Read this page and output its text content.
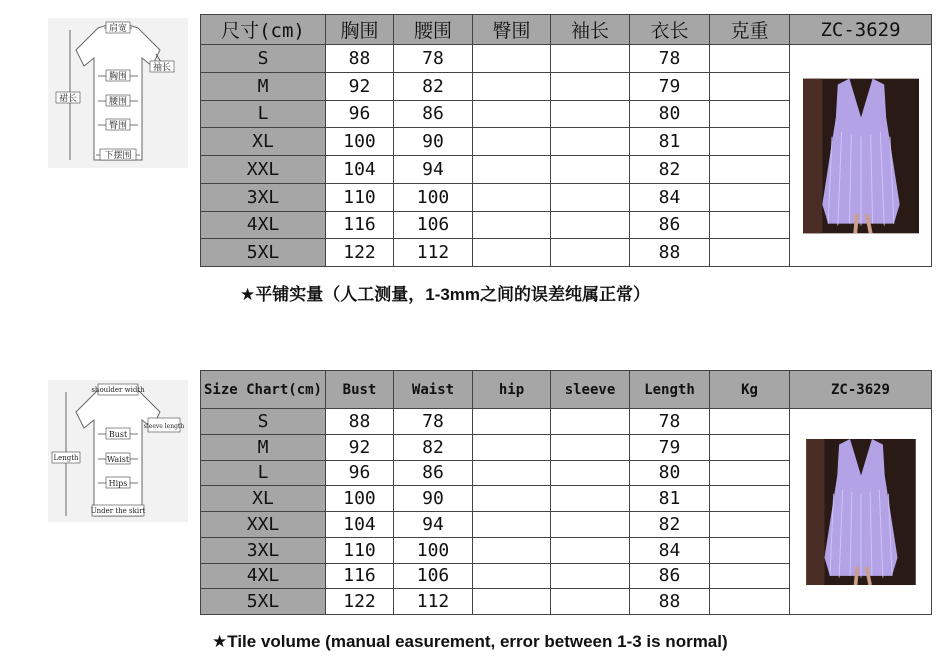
肩宽
胸围
腰围
臀围
袖长
裙长
下摆围
尺寸(cm)	胸围	腰围	臀围	袖长	衣长	克重	ZC-3629
S	88	78			78		

M	92	82			79		
L	96	86			80		
XL	100	90			81		
XXL	104	94			82		
3XL	110	100			84		
4XL	116	106			86		
5XL	122	112			88		
★平铺实量（人工测量，1-3mm之间的误差纯属正常）
shoulder width
Bust
Waist
Hips
sleeve length
Length
Under the skirt
Size Chart(cm)	Bust	Waist	hip	sleeve	Length	Kg	ZC-3629
S	88	78			78		

M	92	82			79		
L	96	86			80		
XL	100	90			81		
XXL	104	94			82		
3XL	110	100			84		
4XL	116	106			86		
5XL	122	112			88		
★Tile volume (manual easurement, error between 1-3 is normal)
